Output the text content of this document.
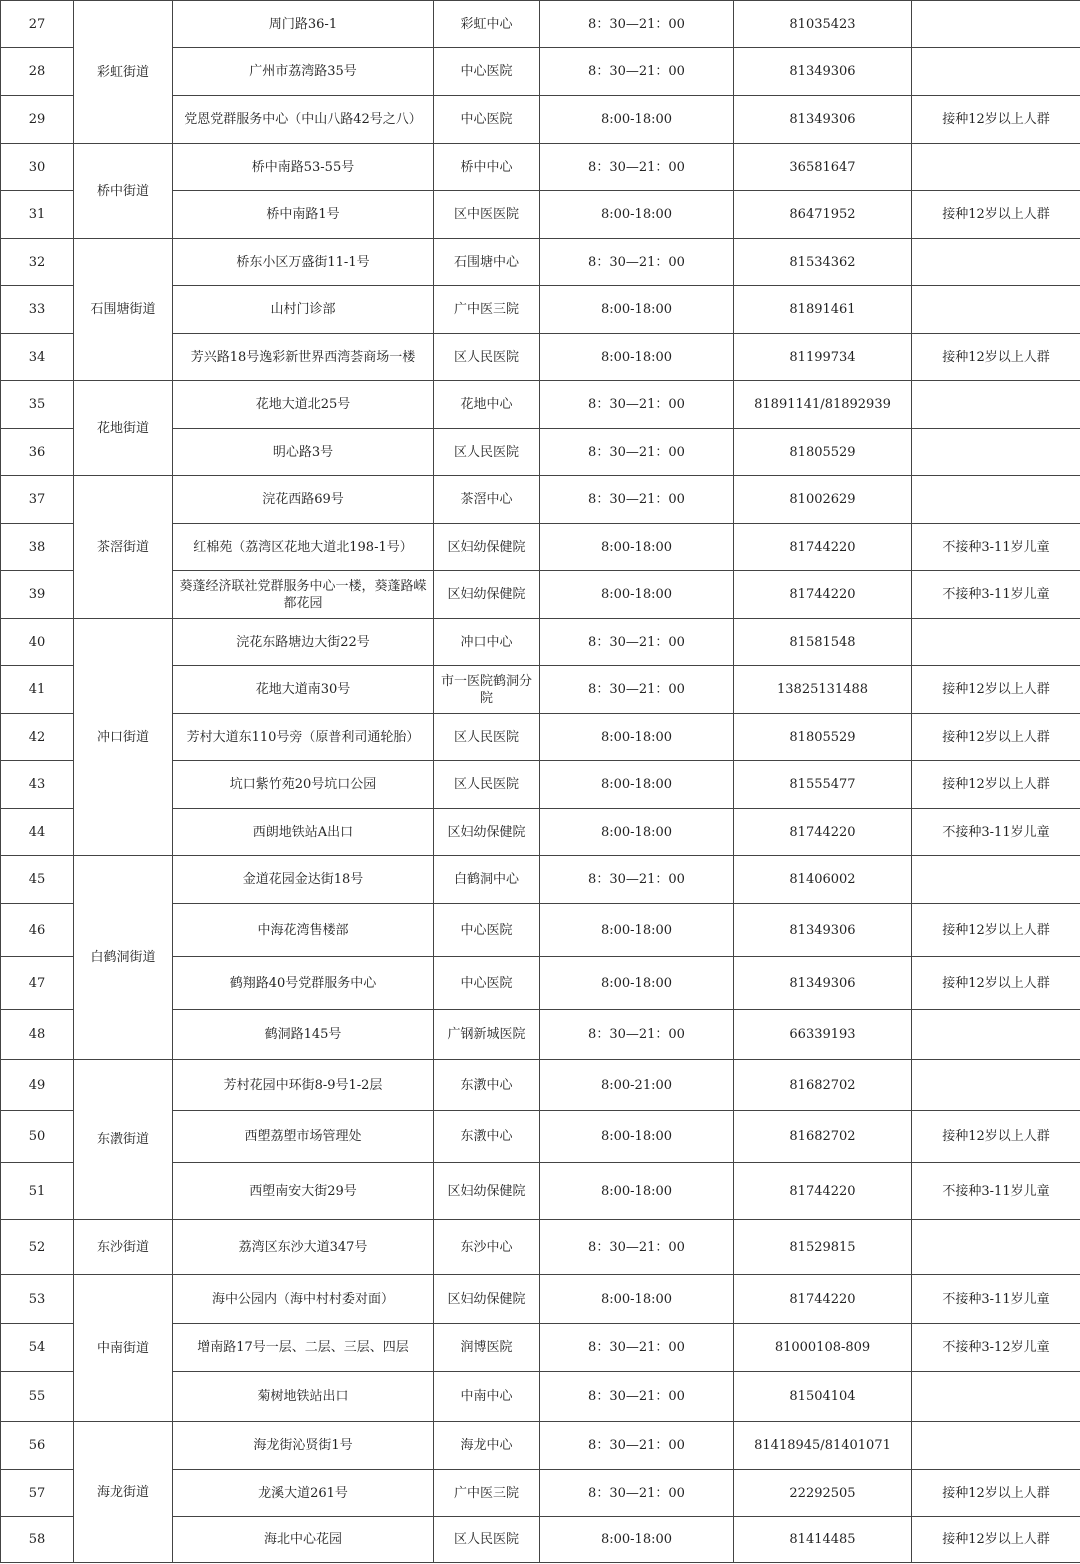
27	彩虹街道	周门路36-1	彩虹中心	8：30—21：00	81035423	
28		广州市荔湾路35号	中心医院	8：30—21：00	81349306	
29		党恩党群服务中心（中山八路42号之八）	中心医院	8:00-18:00	81349306	接种12岁以上人群
30	桥中街道	桥中南路53-55号	桥中中心	8：30—21：00	36581647	
31		桥中南路1号	区中医医院	8:00-18:00	86471952	接种12岁以上人群
32	石围塘街道	桥东小区万盛街11-1号	石围塘中心	8：30—21：00	81534362	
33		山村门诊部	广中医三院	8:00-18:00	81891461	
34		芳兴路18号逸彩新世界西湾荟商场一楼	区人民医院	8:00-18:00	81199734	接种12岁以上人群
35	花地街道	花地大道北25号	花地中心	8：30—21：00	81891141/81892939	
36		明心路3号	区人民医院	8：30—21：00	81805529	
37	茶滘街道	浣花西路69号	茶滘中心	8：30—21：00	81002629	
38		红棉苑（荔湾区花地大道北198-1号）	区妇幼保健院	8:00-18:00	81744220	不接种3-11岁儿童
39		葵蓬经济联社党群服务中心一楼，葵蓬路嵘都花园	区妇幼保健院	8:00-18:00	81744220	不接种3-11岁儿童
40	冲口街道	浣花东路塘边大街22号	冲口中心	8：30—21：00	81581548	
41		花地大道南30号	市一医院鹤洞分院	8：30—21：00	13825131488	接种12岁以上人群
42		芳村大道东110号旁（原普利司通轮胎）	区人民医院	8:00-18:00	81805529	接种12岁以上人群
43		坑口紫竹苑20号坑口公园	区人民医院	8:00-18:00	81555477	接种12岁以上人群
44		西朗地铁站A出口	区妇幼保健院	8:00-18:00	81744220	不接种3-11岁儿童
45	白鹤洞街道	金道花园金达街18号	白鹤洞中心	8：30—21：00	81406002	
46		中海花湾售楼部	中心医院	8:00-18:00	81349306	接种12岁以上人群
47		鹤翔路40号党群服务中心	中心医院	8:00-18:00	81349306	接种12岁以上人群
48		鹤洞路145号	广钢新城医院	8：30—21：00	66339193	
49	东漖街道	芳村花园中环街8-9号1-2层	东漖中心	8:00-21:00	81682702	
50		西塱荔塱市场管理处	东漖中心	8:00-18:00	81682702	接种12岁以上人群
51		西塱南安大街29号	区妇幼保健院	8:00-18:00	81744220	不接种3-11岁儿童
52	东沙街道	荔湾区东沙大道347号	东沙中心	8：30—21：00	81529815	
53	中南街道	海中公园内（海中村村委对面）	区妇幼保健院	8:00-18:00	81744220	不接种3-11岁儿童
54		增南路17号一层、二层、三层、四层	润博医院	8：30—21：00	81000108-809	不接种3-12岁儿童
55		菊树地铁站出口	中南中心	8：30—21：00	81504104	
56	海龙街道	海龙街沁贤街1号	海龙中心	8：30—21：00	81418945/81401071	
57		龙溪大道261号	广中医三院	8：30—21：00	22292505	接种12岁以上人群
58		海北中心花园	区人民医院	8:00-18:00	81414485	接种12岁以上人群
